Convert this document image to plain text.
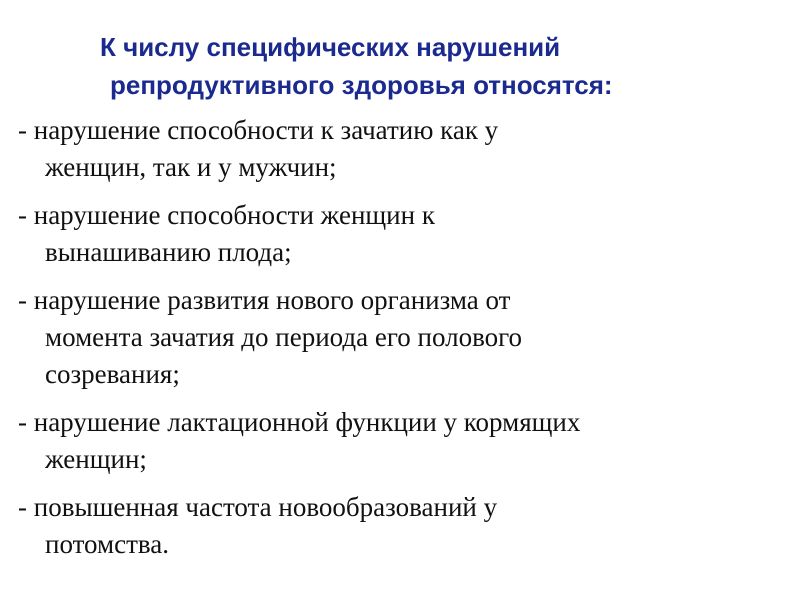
К числу специфических нарушений
репродуктивного здоровья относятся:
- нарушение способности к зачатию как у
женщин, так и у мужчин;
- нарушение способности женщин к
вынашиванию плода;
- нарушение развития нового организма от
момента зачатия до периода его полового
созревания;
- нарушение лактационной функции у кормящих
женщин;
- повышенная частота новообразований у
потомства.
